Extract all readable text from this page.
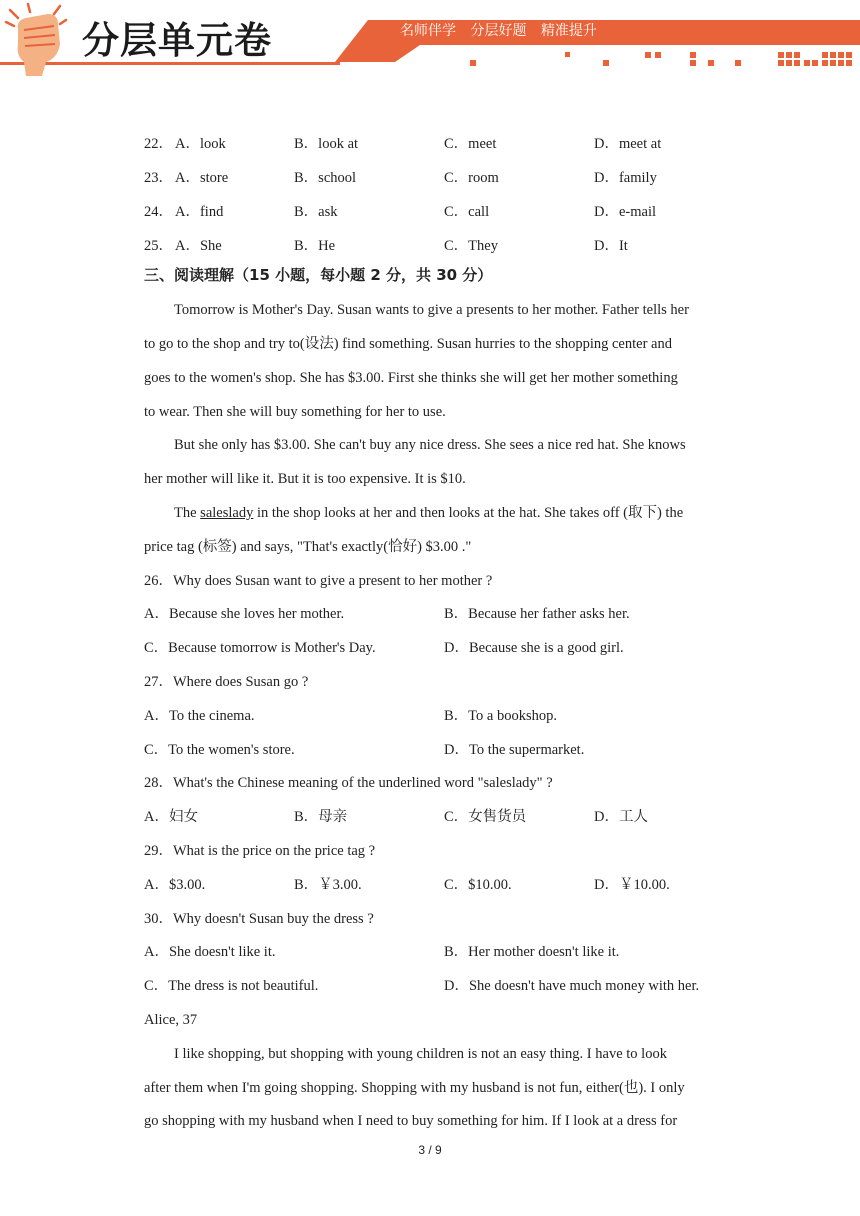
分层单元卷	名师伴学 分层好题 精准提升
22． A．look	B．look at	C．meet	D．meet at
23． A．store	B．school	C．room	D．family
24． A．find	B．ask	C．call	D．e-mail
25． A．She	B．He	C．They	D．It
三、阅读理解（15 小题，每小题 2 分，共 30 分）
Tomorrow is Mother's Day. Susan wants to give a presents to her mother. Father tells her
to go to the shop and try to(设法) find something. Susan hurries to the shopping center and
goes to the women's shop. She has $3.00. First she thinks she will get her mother something
to wear. Then she will buy something for her to use.
But she only has $3.00. She can't buy any nice dress. She sees a nice red hat. She knows
her mother will like it. But it is too expensive. It is $10.
The saleslady in the shop looks at her and then looks at the hat. She takes off (取下) the
price tag (标签) and says, "That's exactly(恰好) $3.00 ."
26．Why does Susan want to give a present to her mother ?
A．Because she loves her mother.	B．Because her father asks her.
C．Because tomorrow is Mother's Day.	D．Because she is a good girl.
27．Where does Susan go ?
A．To the cinema.	B．To a bookshop.
C．To the women's store.	D．To the supermarket.
28．What's the Chinese meaning of the underlined word "saleslady" ?
A．妇女	B．母亲	C．女售货员	D．工人
29．What is the price on the price tag ?
A．$3.00.	B．￥3.00.	C．$10.00.	D．￥10.00.
30．Why doesn't Susan buy the dress ?
A．She doesn't like it.	B．Her mother doesn't like it.
C．The dress is not beautiful.	D．She doesn't have much money with her.
Alice, 37
I like shopping, but shopping with young children is not an easy thing. I have to look
after them when I'm going shopping. Shopping with my husband is not fun, either(也). I only
go shopping with my husband when I need to buy something for him. If I look at a dress for
3 / 9
